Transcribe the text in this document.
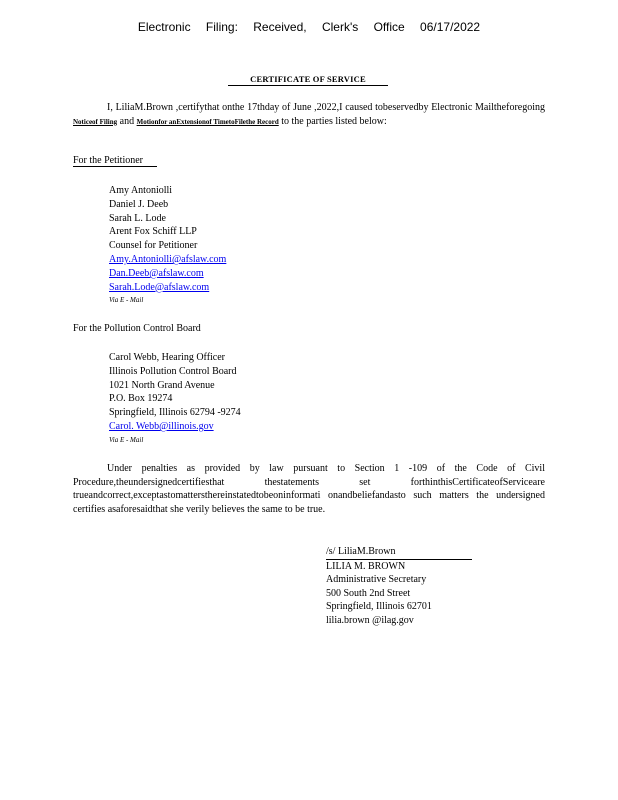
Electronic Filing: Received, Clerk's Office 06/17/2022
CERTIFICATE OF SERVICE
I, LiliaM.Brown ,certifythat onthe 17thday of June ,2022,I caused tobeservedby Electronic Mailtheforegoing Noticeof Filing and Motionfor anExtensionof TimetoFilethe Record to the parties listed below:
For the Petitioner
Amy Antoniolli
Daniel J. Deeb
Sarah L. Lode
Arent Fox Schiff LLP
Counsel for Petitioner
Amy.Antoniolli@afslaw.com
Dan.Deeb@afslaw.com
Sarah.Lode@afslaw.com
Via E - Mail
For the Pollution Control Board
Carol Webb, Hearing Officer
Illinois Pollution Control Board
1021 North Grand Avenue
P.O. Box 19274
Springfield, Illinois 62794 -9274
Carol. Webb@illinois.gov
Via E - Mail
Under penalties as provided by law pursuant to Section 1 -109 of the Code of Civil Procedure,theundersignedcertifiesthat thestatements set forthinthisCertificateofServiceare trueandcorrect,exceptastomattersthereinstatedtobeoninformati onandbeliefandasto such matters the undersigned certifies asaforesaidthat she verily believes the same to be true.
/s/ LiliaM.Brown
LILIA M. BROWN
Administrative Secretary
500 South 2nd Street
Springfield, Illinois 62701
lilia.brown @ilag.gov
